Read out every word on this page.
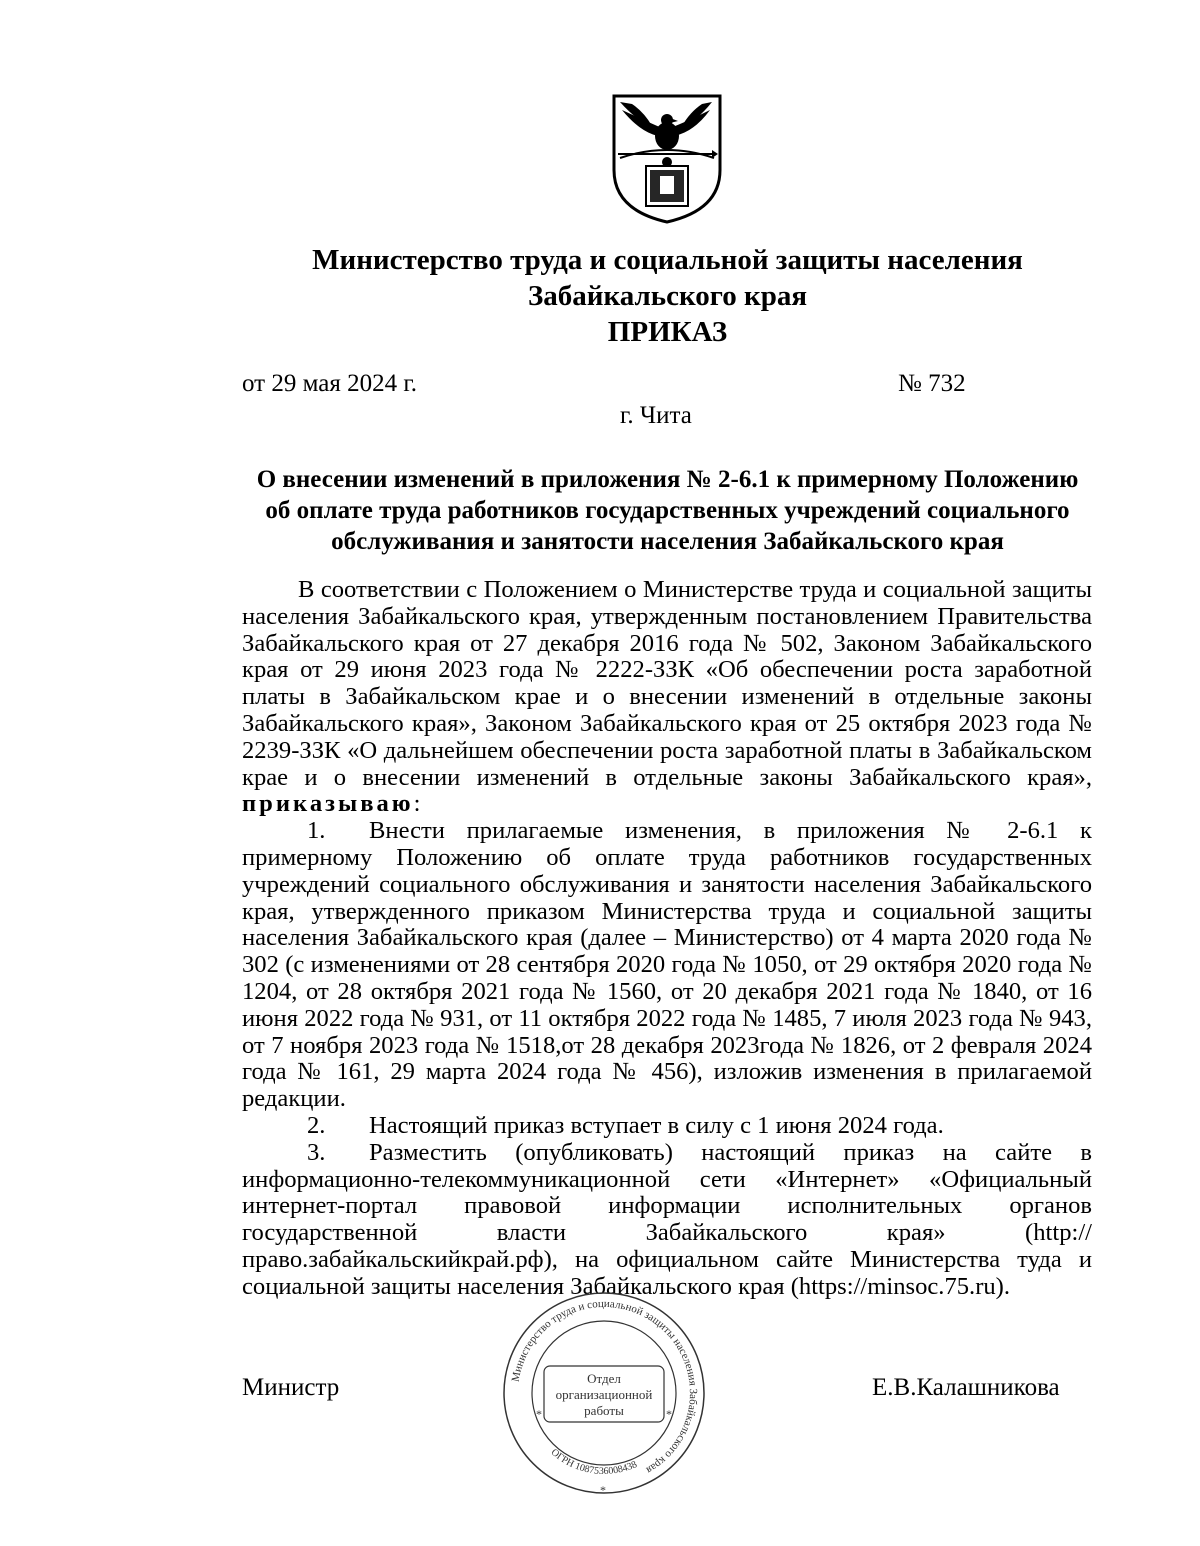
Министерство труда и социальной защиты населения
Забайкальского края
ПРИКАЗ
от 29 мая 2024 г.	№ 732
г. Чита
О внесении изменений в приложения № 2-6.1 к примерному Положению
об оплате труда работников государственных учреждений социального
обслуживания и занятости населения Забайкальского края

В соответствии с Положением о Министерстве труда и социальной защиты населения Забайкальского края, утвержденным постановлением Правительства Забайкальского края от 27 декабря 2016 года № 502, Законом Забайкальского края от 29 июня 2023 года № 2222-ЗЗК «Об обеспечении роста заработной платы в Забайкальском крае и о внесении изменений в отдельные законы Забайкальского края», Законом Забайкальского края от 25 октября 2023 года № 2239-ЗЗК «О дальнейшем обеспечении роста заработной платы в Забайкальском крае и о внесении изменений в отдельные законы Забайкальского края», приказываю:

1. Внести прилагаемые изменения, в приложения № 2-6.1 к примерному Положению об оплате труда работников государственных учреждений социального обслуживания и занятости населения Забайкальского края, утвержденного приказом Министерства труда и социальной защиты населения Забайкальского края (далее – Министерство) от 4 марта 2020 года № 302 (с изменениями от 28 сентября 2020 года № 1050, от 29 октября 2020 года № 1204, от 28 октября 2021 года № 1560, от 20 декабря 2021 года № 1840, от 16 июня 2022 года № 931, от 11 октября 2022 года № 1485, 7 июля 2023 года № 943, от 7 ноября 2023 года № 1518,от 28 декабря 2023года № 1826, от 2 февраля 2024 года № 161, 29 марта 2024 года № 456), изложив изменения в прилагаемой редакции.

2. Настоящий приказ вступает в силу с 1 июня 2024 года.

3. Разместить (опубликовать) настоящий приказ на сайте в информационно-телекоммуникационной сети «Интернет» «Официальный интернет-портал правовой информации исполнительных органов государственной власти Забайкальского края» (http://право.забайкальскийкрай.рф), на официальном сайте Министерства туда и социальной защиты населения Забайкальского края (https://minsoc.75.ru).

Министр	Е.В.Калашникова
Министерство труда и социальной защиты населения Забайкальского края
ОГРН 1087536008438
Отдел
организационной
работы
*	*
*
